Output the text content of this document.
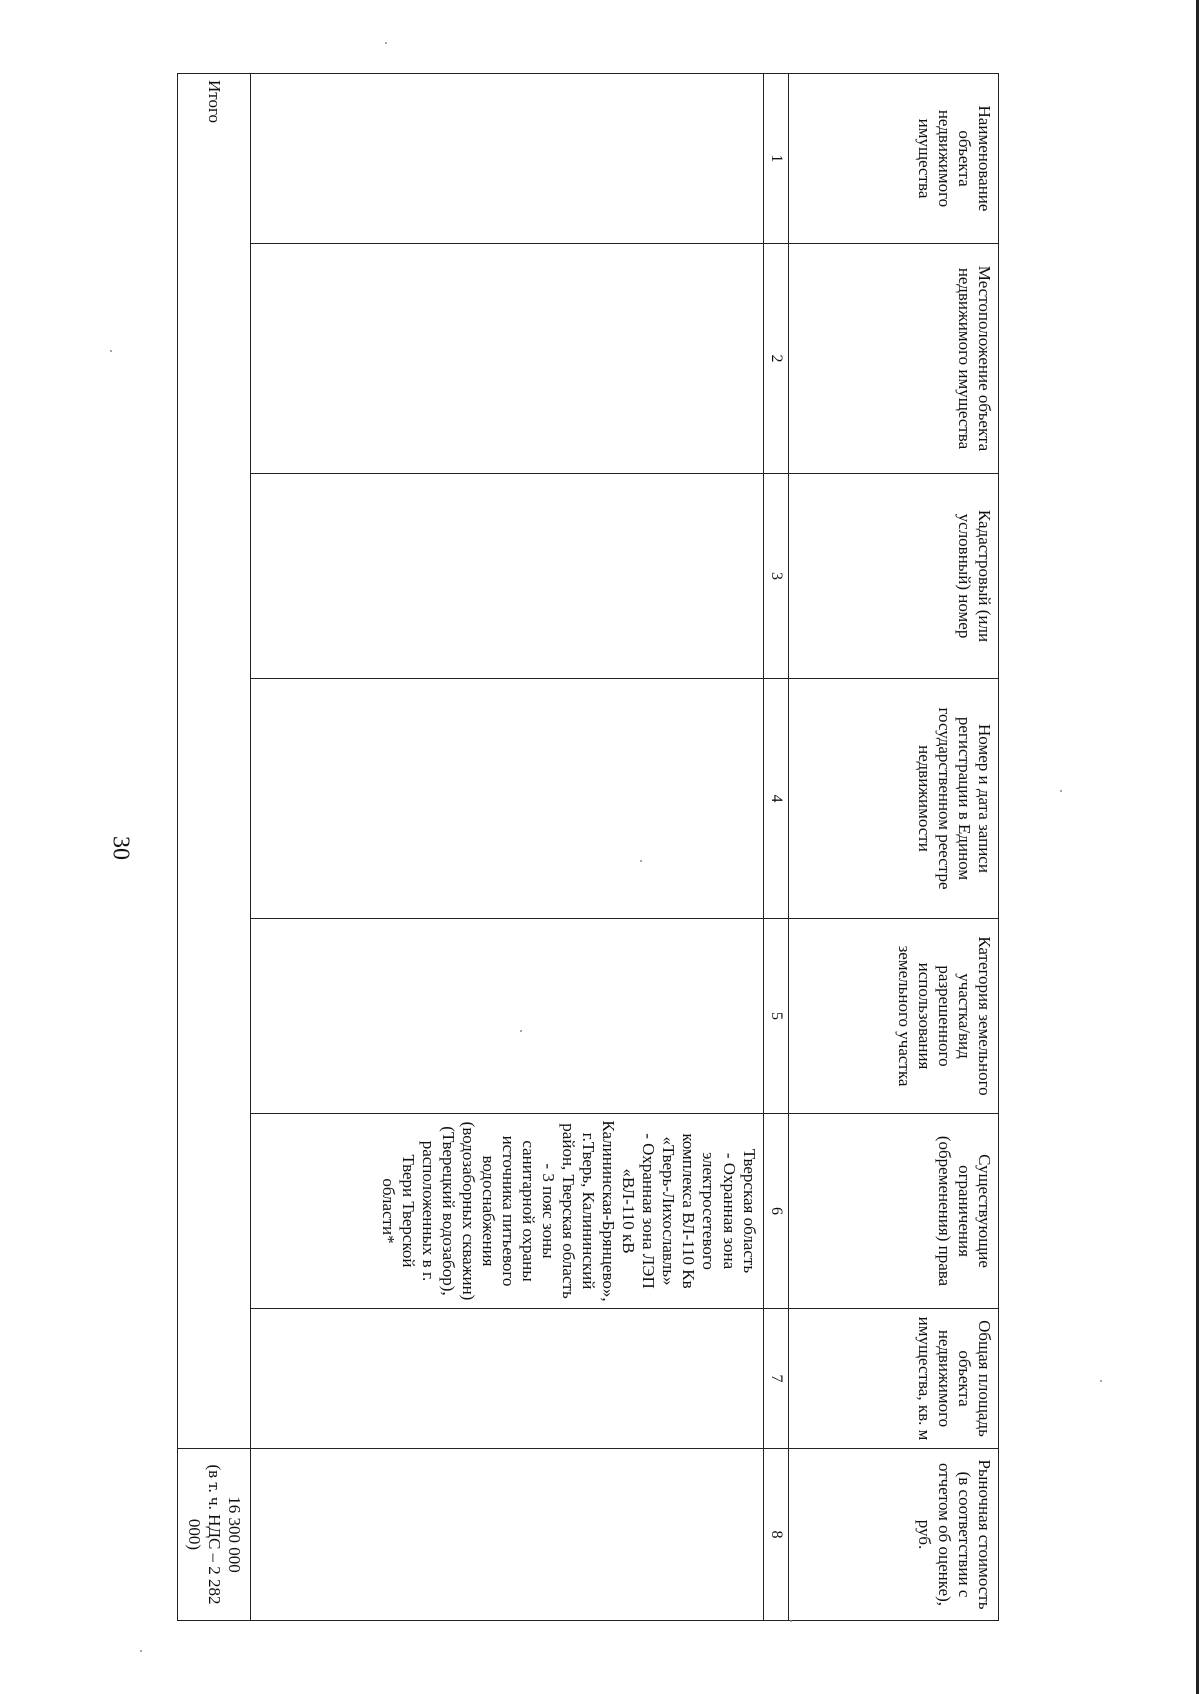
30
Наименование объекта недвижимого имущества	Местоположение объекта недвижимого имущества	Кадастровый (или условный) номер	Номер и дата записи регистрации в Едином государственном реестре недвижимости	Категория земельного участка/вид разрешенного использования земельного участка	Существующие ограничения (обременения) права	Общая площадь объекта недвижимого имущества, кв. м	Рыночная стоимость (в соответствии с отчетом об оценке), руб.
1	2	3	4	5	6	7	8
					Тверская область
- Охранная зона электросетевого комплекса ВЛ-110 Кв «Тверь-Лихославль»
- Охранная зона ЛЭП «ВЛ-110 кВ Калининская-Брянцево», г.Тверь, Калининский район, Тверская область
- 3 пояс зоны санитарной охраны источника питьевого водоснабжения (водозаборных скважин) (Тверецкий водозабор), расположенных в г. Твери Тверской области*		
Итого							16 300 000
(в т. ч. НДС – 2 282 000)
